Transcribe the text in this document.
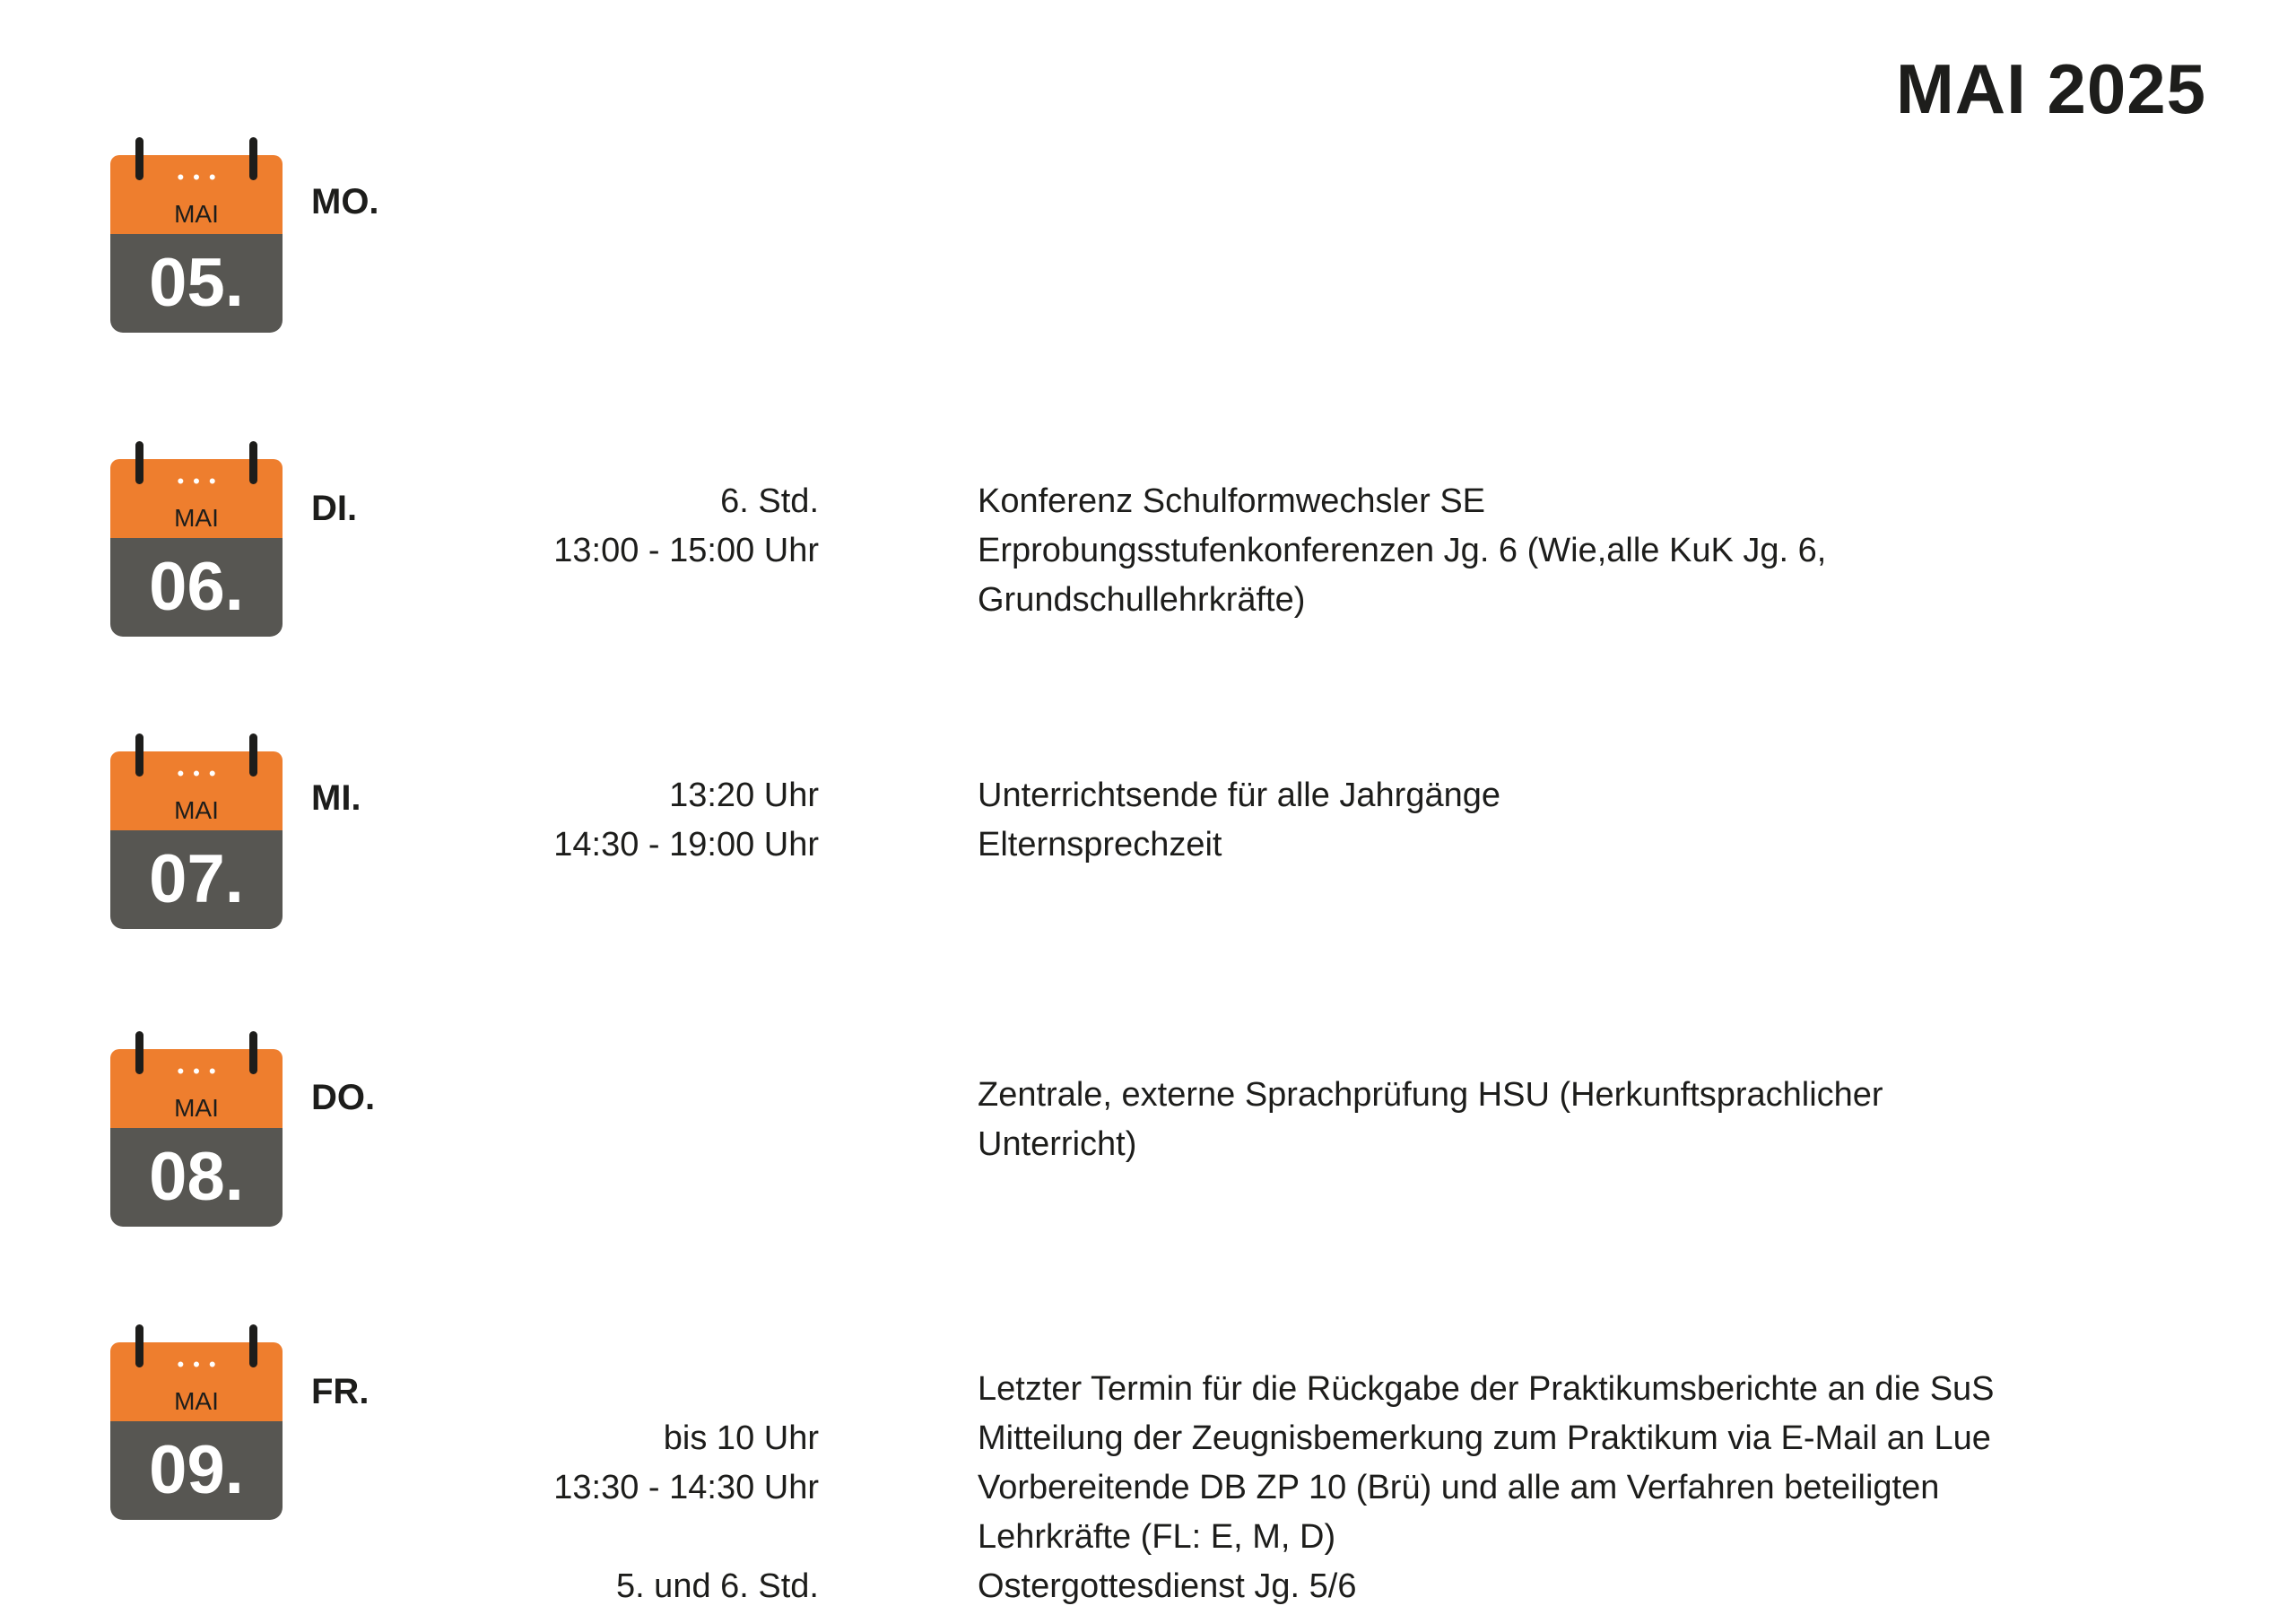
MAI 2025
•••
MAI
05.
MO.
•••
MAI
06.
DI.	6. Std.	Konferenz Schulformwechsler SE
13:00 - 15:00 Uhr	Erprobungsstufenkonferenzen Jg. 6 (Wie,alle KuK Jg. 6,
Grundschullehrkräfte)
•••
MAI
07.
MI.	13:20 Uhr	Unterrichtsende für alle Jahrgänge
14:30 - 19:00 Uhr	Elternsprechzeit
•••
MAI
08.
DO.	Zentrale, externe Sprachprüfung HSU (Herkunftsprachlicher
Unterricht)
•••
MAI
09.
FR.	Letzter Termin für die Rückgabe der Praktikumsberichte an die SuS
bis 10 Uhr	Mitteilung der Zeugnisbemerkung zum Praktikum via E-Mail an Lue
13:30 - 14:30 Uhr	Vorbereitende DB ZP 10 (Brü) und alle am Verfahren beteiligten
Lehrkräfte (FL: E, M, D)
5. und 6. Std.	Ostergottesdienst Jg. 5/6
